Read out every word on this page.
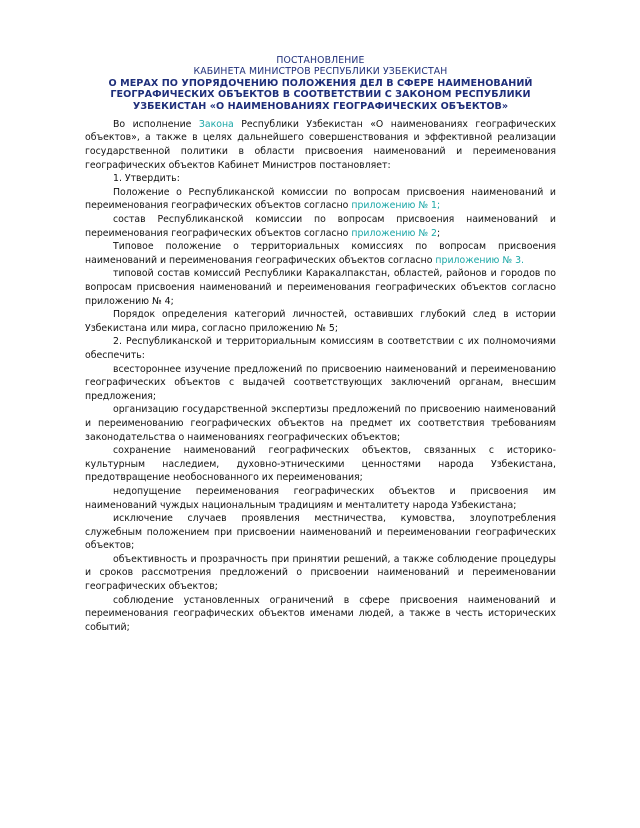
ПОСТАНОВЛЕНИЕ
КАБИНЕТА МИНИСТРОВ РЕСПУБЛИКИ УЗБЕКИСТАН
О МЕРАХ ПО УПОРЯДОЧЕНИЮ ПОЛОЖЕНИЯ ДЕЛ В СФЕРЕ НАИМЕНОВАНИЙ
ГЕОГРАФИЧЕСКИХ ОБЪЕКТОВ В СООТВЕТСТВИИ С ЗАКОНОМ РЕСПУБЛИКИ
УЗБЕКИСТАН «О НАИМЕНОВАНИЯХ ГЕОГРАФИЧЕСКИХ ОБЪЕКТОВ»

Во исполнение Закона Республики Узбекистан «О наименованиях географических объектов», а также в целях дальнейшего совершенствования и эффективной реализации государственной политики в области присвоения наименований и переименования географических объектов Кабинет Министров постановляет:

1. Утвердить:

Положение о Республиканской комиссии по вопросам присвоения наименований и переименования географических объектов согласно приложению № 1;

состав Республиканской комиссии по вопросам присвоения наименований и переименования географических объектов согласно приложению № 2;

Типовое положение о территориальных комиссиях по вопросам присвоения наименований и переименования географических объектов согласно приложению № 3.

типовой состав комиссий Республики Каракалпакстан, областей, районов и городов по вопросам присвоения наименований и переименования географических объектов согласно приложению № 4;

Порядок определения категорий личностей, оставивших глубокий след в истории Узбекистана или мира, согласно приложению № 5;

2. Республиканской и территориальным комиссиям в соответствии с их полномочиями обеспечить:

всестороннее изучение предложений по присвоению наименований и переименованию географических объектов с выдачей соответствующих заключений органам, внесшим предложения;

организацию государственной экспертизы предложений по присвоению наименований и переименованию географических объектов на предмет их соответствия требованиям законодательства о наименованиях географических объектов;

сохранение наименований географических объектов, связанных с историко-культурным наследием, духовно-этническими ценностями народа Узбекистана, предотвращение необоснованного их переименования;

недопущение переименования географических объектов и присвоения им наименований чуждых национальным традициям и менталитету народа Узбекистана;

исключение случаев проявления местничества, кумовства, злоупотребления служебным положением при присвоении наименований и переименовании географических объектов;

объективность и прозрачность при принятии решений, а также соблюдение процедуры и сроков рассмотрения предложений о присвоении наименований и переименовании географических объектов;

соблюдение установленных ограничений в сфере присвоения наименований и переименования географических объектов именами людей, а также в честь исторических событий;
